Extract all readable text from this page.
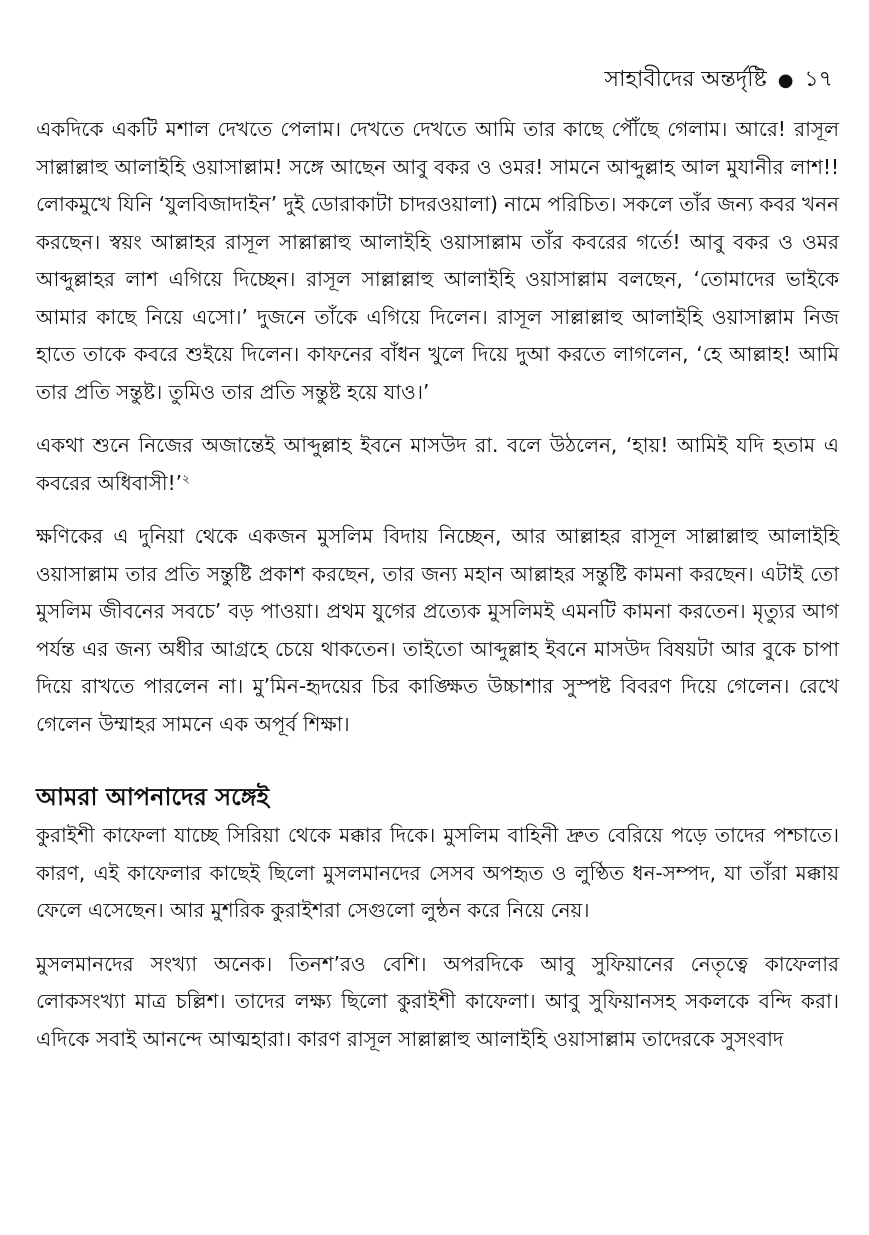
সাহাবীদের অন্তর্দৃষ্টি ● ১৭

একদিকে একটি মশাল দেখতে পেলাম। দেখতে দেখতে আমি তার কাছে পৌঁছে গেলাম। আরে! রাসূল সাল্লাল্লাহু আলাইহি ওয়াসাল্লাম! সঙ্গে আছেন আবু বকর ও ওমর! সামনে আব্দুল্লাহ আল মুযানীর লাশ!! লোকমুখে যিনি ‘যুলবিজাদাইন’ দুই ডোরাকাটা চাদরওয়ালা) নামে পরিচিত। সকলে তাঁর জন্য কবর খনন করছেন। স্বয়ং আল্লাহর রাসূল সাল্লাল্লাহু আলাইহি ওয়াসাল্লাম তাঁর কবরের গর্তে! আবু বকর ও ওমর আব্দুল্লাহর লাশ এগিয়ে দিচ্ছেন। রাসূল সাল্লাল্লাহু আলাইহি ওয়াসাল্লাম বলছেন, ‘তোমাদের ভাইকে আমার কাছে নিয়ে এসো।’ দুজনে তাঁকে এগিয়ে দিলেন। রাসূল সাল্লাল্লাহু আলাইহি ওয়াসাল্লাম নিজ হাতে তাকে কবরে শুইয়ে দিলেন। কাফনের বাঁধন খুলে দিয়ে দুআ করতে লাগলেন, ‘হে আল্লাহ! আমি তার প্রতি সন্তুষ্ট। তুমিও তার প্রতি সন্তুষ্ট হয়ে যাও।’

একথা শুনে নিজের অজান্তেই আব্দুল্লাহ ইবনে মাসউদ রা. বলে উঠলেন, ‘হায়! আমিই যদি হতাম এ কবরের অধিবাসী!’$^২$

ক্ষণিকের এ দুনিয়া থেকে একজন মুসলিম বিদায় নিচ্ছেন, আর আল্লাহর রাসূল সাল্লাল্লাহু আলাইহি ওয়াসাল্লাম তার প্রতি সন্তুষ্টি প্রকাশ করছেন, তার জন্য মহান আল্লাহর সন্তুষ্টি কামনা করছেন। এটাই তো মুসলিম জীবনের সবচে’ বড় পাওয়া। প্রথম যুগের প্রত্যেক মুসলিমই এমনটি কামনা করতেন। মৃত্যুর আগ পর্যন্ত এর জন্য অধীর আগ্রহে চেয়ে থাকতেন। তাইতো আব্দুল্লাহ ইবনে মাসউদ বিষয়টা আর বুকে চাপা দিয়ে রাখতে পারলেন না। মু’মিন-হৃদয়ের চির কাঙ্ক্ষিত উচ্চাশার সুস্পষ্ট বিবরণ দিয়ে গেলেন। রেখে গেলেন উম্মাহর সামনে এক অপূর্ব শিক্ষা।

আমরা আপনাদের সঙ্গেই

কুরাইশী কাফেলা যাচ্ছে সিরিয়া থেকে মক্কার দিকে। মুসলিম বাহিনী দ্রুত বেরিয়ে পড়ে তাদের পশ্চাতে। কারণ, এই কাফেলার কাছেই ছিলো মুসলমানদের সেসব অপহৃত ও লুণ্ঠিত ধন-সম্পদ, যা তাঁরা মক্কায় ফেলে এসেছেন। আর মুশরিক কুরাইশরা সেগুলো লুন্ঠন করে নিয়ে নেয়।

মুসলমানদের সংখ্যা অনেক। তিনশ’রও বেশি। অপরদিকে আবু সুফিয়ানের নেতৃত্বে কাফেলার লোকসংখ্যা মাত্র চল্লিশ। তাদের লক্ষ্য ছিলো কুরাইশী কাফেলা। আবু সুফিয়ানসহ সকলকে বন্দি করা। এদিকে সবাই আনন্দে আত্মহারা। কারণ রাসূল সাল্লাল্লাহু আলাইহি ওয়াসাল্লাম তাদেরকে সুসংবাদ
